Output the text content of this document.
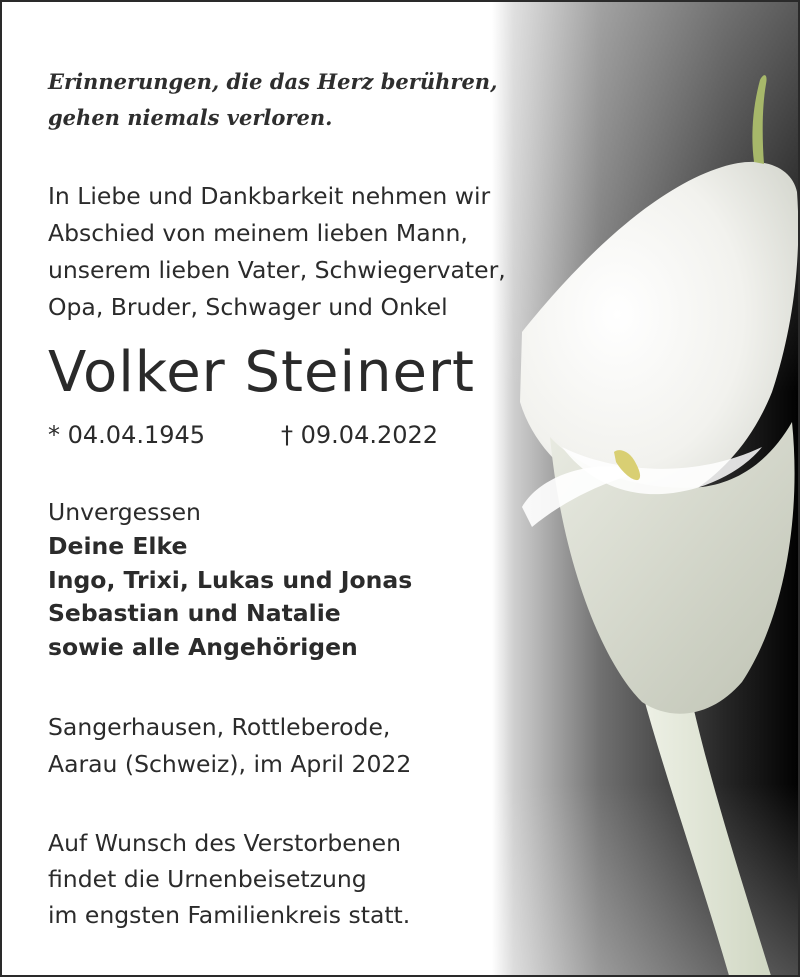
Erinnerungen, die das Herz berühren,
gehen niemals verloren.

In Liebe und Dankbarkeit nehmen wir
Abschied von meinem lieben Mann,
unserem lieben Vater, Schwiegervater,
Opa, Bruder, Schwager und Onkel

Volker Steinert
* 04.04.1945	† 09.04.2022

Unvergessen

Deine Elke
Ingo, Trixi, Lukas und Jonas
Sebastian und Natalie
sowie alle Angehörigen

Sangerhausen, Rottleberode,
Aarau (Schweiz), im April 2022

Auf Wunsch des Verstorbenen
findet die Urnenbeisetzung
im engsten Familienkreis statt.
